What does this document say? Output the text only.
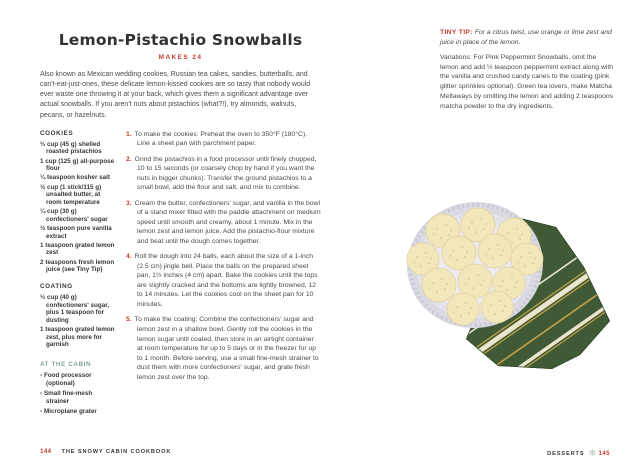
Lemon-Pistachio Snowballs
MAKES 24
Also known as Mexican wedding cookies, Russian tea cakes, sandies, butterballs, and can't-eat-just-ones, these delicate lemon-kissed cookies are so tasty that nobody would ever waste one throwing it at your back, which gives them a significant advantage over actual snowballs. If you aren't nuts about pistachios (what?!), try almonds, walnuts, pecans, or hazelnuts.
COOKIES
⅓ cup (45 g) shelled roasted pistachios
1 cup (125 g) all-purpose flour
¼ teaspoon kosher salt
½ cup (1 stick/115 g) unsalted butter, at room temperature
¼ cup (30 g) confectioners' sugar
½ teaspoon pure vanilla extract
1 teaspoon grated lemon zest
2 teaspoons fresh lemon juice (see Tiny Tip)
COATING
⅓ cup (40 g) confectioners' sugar, plus 1 teaspoon for dusting
1 teaspoon grated lemon zest, plus more for garnish
AT THE CABIN
• Food processor (optional)
• Small fine-mesh strainer
• Microplane grater
1. To make the cookies: Preheat the oven to 350°F (180°C). Line a sheet pan with parchment paper.
2. Grind the pistachios in a food processor until finely chopped, 10 to 15 seconds (or coarsely chop by hand if you want the nuts in bigger chunks). Transfer the ground pistachios to a small bowl, add the flour and salt, and mix to combine.
3. Cream the butter, confectioners' sugar, and vanilla in the bowl of a stand mixer fitted with the paddle attachment on medium speed until smooth and creamy, about 1 minute. Mix in the lemon zest and lemon juice. Add the pistachio-flour mixture and beat until the dough comes together.
4. Roll the dough into 24 balls, each about the size of a 1-inch (2.5 cm) jingle bell. Place the balls on the prepared sheet pan, 1½ inches (4 cm) apart. Bake the cookies until the tops are slightly cracked and the bottoms are lightly browned, 12 to 14 minutes. Let the cookies cool on the sheet pan for 10 minutes.
5. To make the coating: Combine the confectioners' sugar and lemon zest in a shallow bowl. Gently roll the cookies in the lemon sugar until coated, then store in an airtight container at room temperature for up to 5 days or in the freezer for up to 1 month. Before serving, use a small fine-mesh strainer to dust them with more confectioners' sugar, and grate fresh lemon zest over the top.
TINY TIP: For a citrus twist, use orange or lime zest and juice in place of the lemon.
Variations: For Pink Peppermint Snowballs, omit the lemon and add ½ teaspoon peppermint extract along with the vanilla and crushed candy canes to the coating (pink glitter sprinkles optional). Green tea lovers, make Matcha Meltaways by omitting the lemon and adding 2 teaspoons matcha powder to the dry ingredients.
144 THE SNOWY CABIN COOKBOOK	DESSERTS ❄ 145
